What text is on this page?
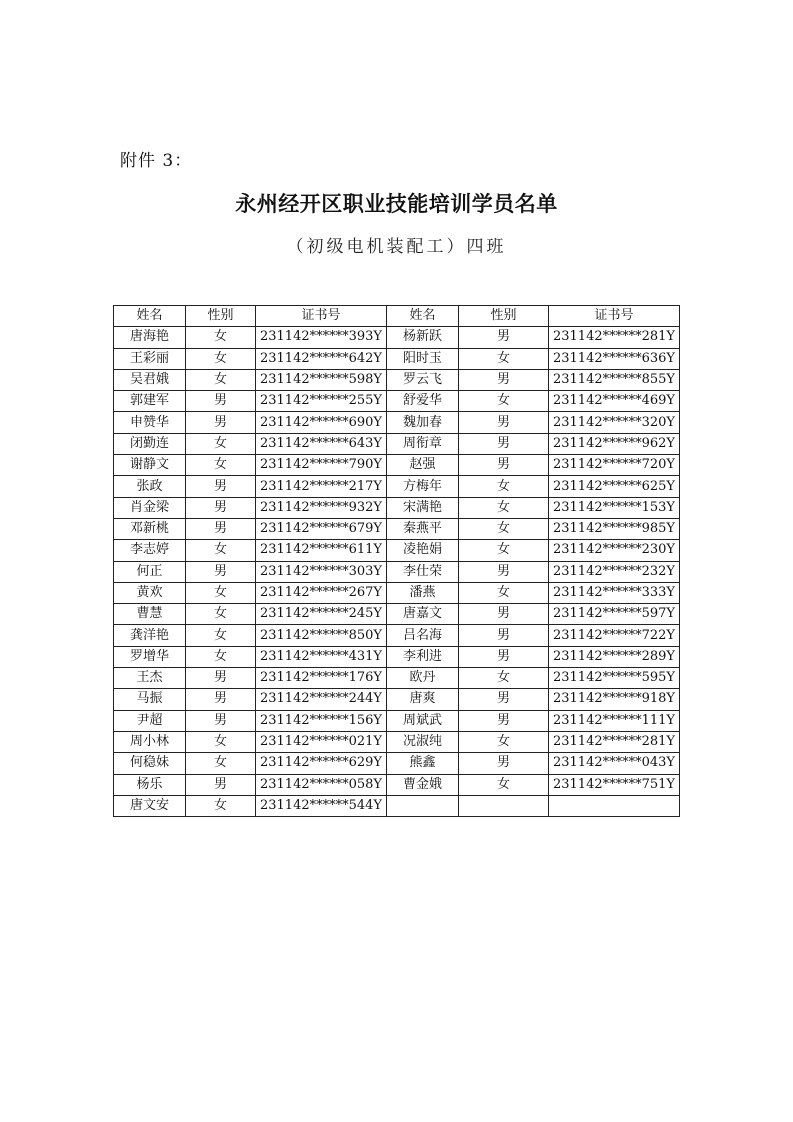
附件 3：
永州经开区职业技能培训学员名单
（初级电机装配工）四班
姓名	性别	证书号	姓名	性别	证书号
唐海艳	女	231142******393Y	杨新跃	男	231142******281Y
王彩丽	女	231142******642Y	阳时玉	女	231142******636Y
吴君娥	女	231142******598Y	罗云飞	男	231142******855Y
郭建军	男	231142******255Y	舒爱华	女	231142******469Y
申赞华	男	231142******690Y	魏加春	男	231142******320Y
闭勤连	女	231142******643Y	周衔章	男	231142******962Y
谢静文	女	231142******790Y	赵强	男	231142******720Y
张政	男	231142******217Y	方梅年	女	231142******625Y
肖金梁	男	231142******932Y	宋满艳	女	231142******153Y
邓新桃	男	231142******679Y	秦燕平	女	231142******985Y
李志婷	女	231142******611Y	凌艳娟	女	231142******230Y
何正	男	231142******303Y	李仕荣	男	231142******232Y
黄欢	女	231142******267Y	潘燕	女	231142******333Y
曹慧	女	231142******245Y	唐嘉文	男	231142******597Y
龚洋艳	女	231142******850Y	吕名海	男	231142******722Y
罗增华	女	231142******431Y	李利进	男	231142******289Y
王杰	男	231142******176Y	欧丹	女	231142******595Y
马振	男	231142******244Y	唐爽	男	231142******918Y
尹超	男	231142******156Y	周斌武	男	231142******111Y
周小林	女	231142******021Y	况淑纯	女	231142******281Y
何稳妹	女	231142******629Y	熊鑫	男	231142******043Y
杨乐	男	231142******058Y	曹金娥	女	231142******751Y
唐文安	女	231142******544Y			
